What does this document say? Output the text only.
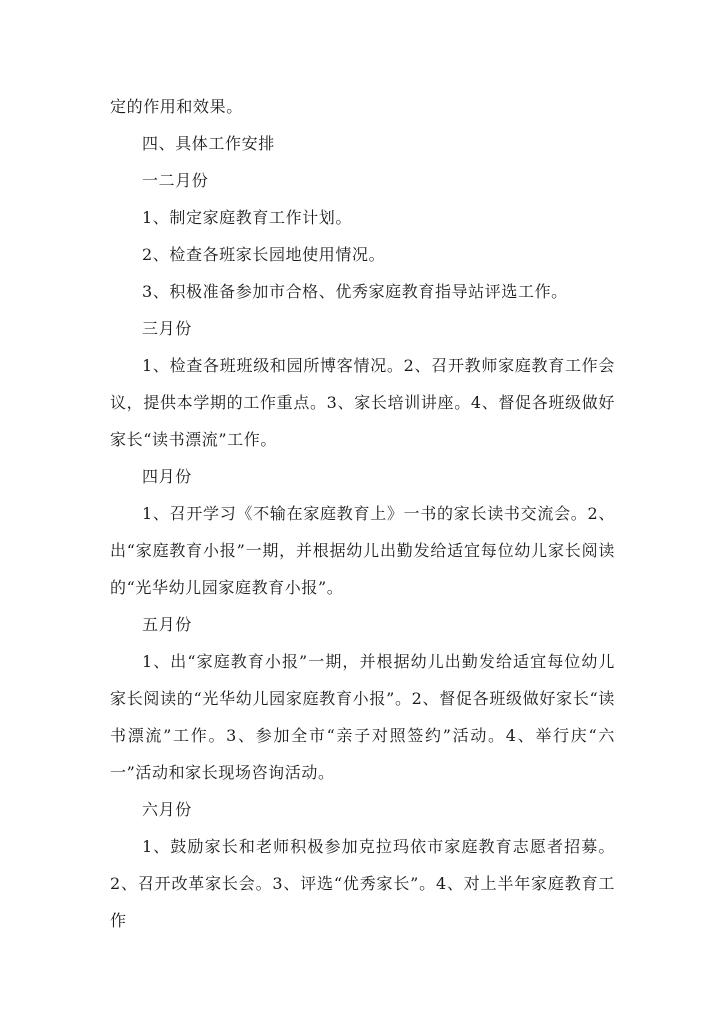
定的作用和效果。

四、具体工作安排

一二月份

1、制定家庭教育工作计划。

2、检查各班家长园地使用情况。

3、积极准备参加市合格、优秀家庭教育指导站评选工作。

三月份

1、检查各班班级和园所博客情况。2、召开教师家庭教育工作会议，提供本学期的工作重点。3、家长培训讲座。4、督促各班级做好家长“读书漂流”工作。

四月份

1、召开学习《不输在家庭教育上》一书的家长读书交流会。2、出“家庭教育小报”一期，并根据幼儿出勤发给适宜每位幼儿家长阅读的“光华幼儿园家庭教育小报”。

五月份

1、出“家庭教育小报”一期，并根据幼儿出勤发给适宜每位幼儿家长阅读的“光华幼儿园家庭教育小报”。2、督促各班级做好家长“读书漂流”工作。3、参加全市“亲子对照签约”活动。4、举行庆“六一”活动和家长现场咨询活动。

六月份

1、鼓励家长和老师积极参加克拉玛依市家庭教育志愿者招募。2、召开改革家长会。3、评选“优秀家长”。4、对上半年家庭教育工作
